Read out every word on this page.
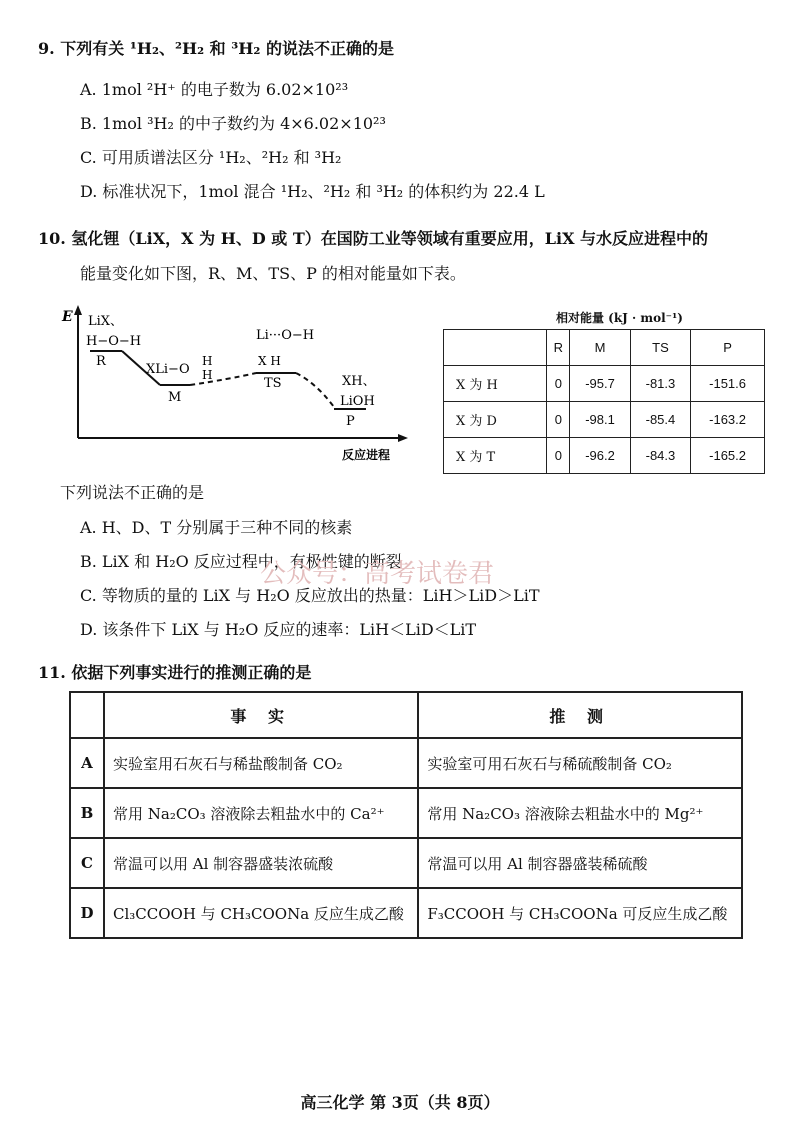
9. 下列有关 ¹H₂、²H₂ 和 ³H₂ 的说法不正确的是
A. 1mol ²H⁺ 的电子数为 6.02×10²³
B. 1mol ³H₂ 的中子数约为 4×6.02×10²³
C. 可用质谱法区分 ¹H₂、²H₂ 和 ³H₂
D. 标准状况下，1mol 混合 ¹H₂、²H₂ 和 ³H₂ 的体积约为 22.4 L
10. 氢化锂（LiX，X 为 H、D 或 T）在国防工业等领域有重要应用，LiX 与水反应进程中的
能量变化如下图，R、M、TS、P 的相对能量如下表。
E
反应进程
LiX、
H−O−H
R
XLi−O
H
H
M
Li···O−H
X H
TS	XH、
LiOH
P
相对能量 (kJ · mol⁻¹)
	R	M	TS	P
X 为 H	0	-95.7	-81.3	-151.6
X 为 D	0	-98.1	-85.4	-163.2
X 为 T	0	-96.2	-84.3	-165.2
下列说法不正确的是
A. H、D、T 分别属于三种不同的核素
B. LiX 和 H₂O 反应过程中，有极性键的断裂
C. 等物质的量的 LiX 与 H₂O 反应放出的热量：LiH＞LiD＞LiT
D. 该条件下 LiX 与 H₂O 反应的速率：LiH＜LiD＜LiT
公众号：高考试卷君
11. 依据下列事实进行的推测正确的是
	事 实	推 测
A	实验室用石灰石与稀盐酸制备 CO₂	实验室可用石灰石与稀硫酸制备 CO₂
B	常用 Na₂CO₃ 溶液除去粗盐水中的 Ca²⁺	常用 Na₂CO₃ 溶液除去粗盐水中的 Mg²⁺
C	常温可以用 Al 制容器盛装浓硫酸	常温可以用 Al 制容器盛装稀硫酸
D	Cl₃CCOOH 与 CH₃COONa 反应生成乙酸	F₃CCOOH 与 CH₃COONa 可反应生成乙酸
高三化学 第 3页（共 8页）
